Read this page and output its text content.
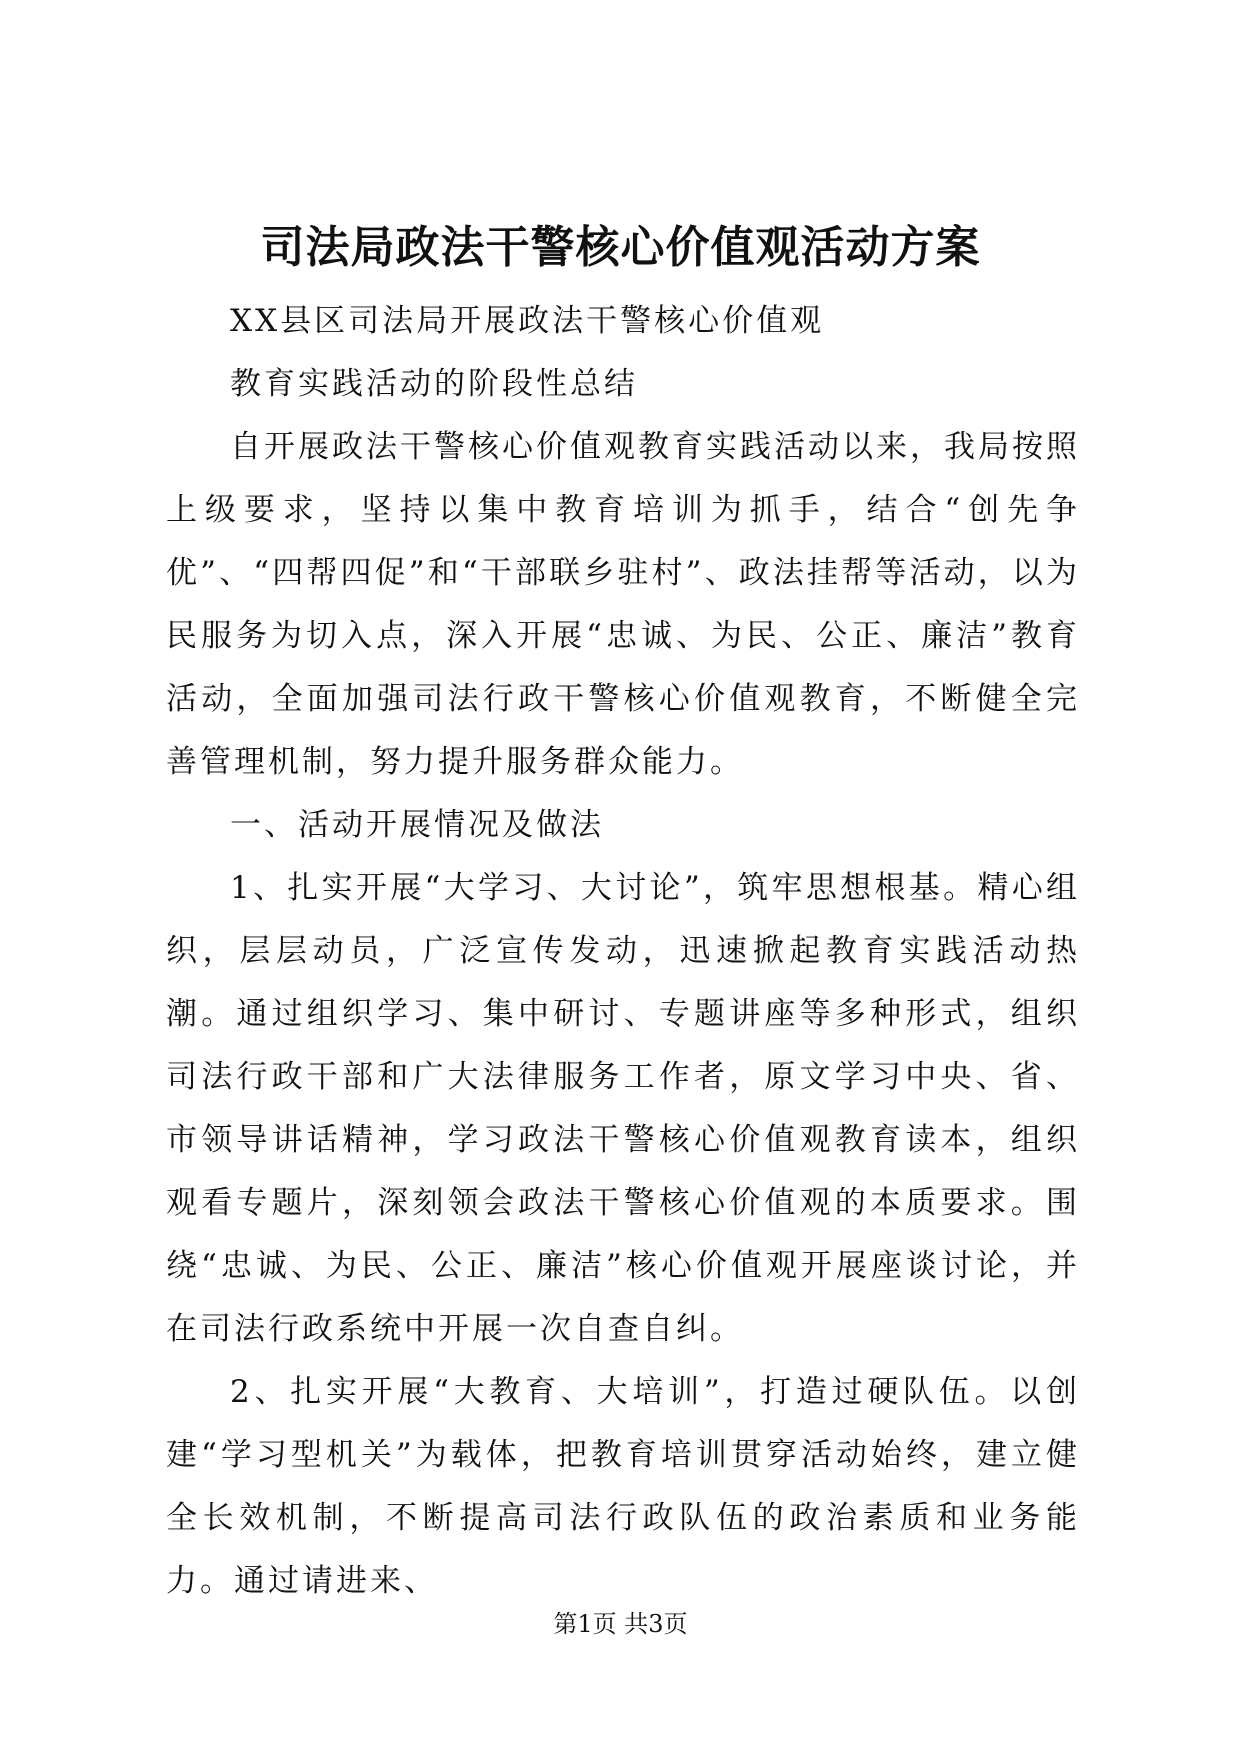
司法局政法干警核心价值观活动方案

XX县区司法局开展政法干警核心价值观

教育实践活动的阶段性总结

自开展政法干警核心价值观教育实践活动以来，我局按照上级要求，坚持以集中教育培训为抓手，结合“创先争优”、“四帮四促”和“干部联乡驻村”、政法挂帮等活动，以为民服务为切入点，深入开展“忠诚、为民、公正、廉洁”教育活动，全面加强司法行政干警核心价值观教育，不断健全完善管理机制，努力提升服务群众能力。

一、活动开展情况及做法

1、扎实开展“大学习、大讨论”，筑牢思想根基。精心组织，层层动员，广泛宣传发动，迅速掀起教育实践活动热潮。通过组织学习、集中研讨、专题讲座等多种形式，组织司法行政干部和广大法律服务工作者，原文学习中央、省、市领导讲话精神，学习政法干警核心价值观教育读本，组织观看专题片，深刻领会政法干警核心价值观的本质要求。围绕“忠诚、为民、公正、廉洁”核心价值观开展座谈讨论，并在司法行政系统中开展一次自查自纠。

2、扎实开展“大教育、大培训”，打造过硬队伍。以创建“学习型机关”为载体，把教育培训贯穿活动始终，建立健全长效机制，不断提高司法行政队伍的政治素质和业务能力。通过请进来、

第1页 共3页
